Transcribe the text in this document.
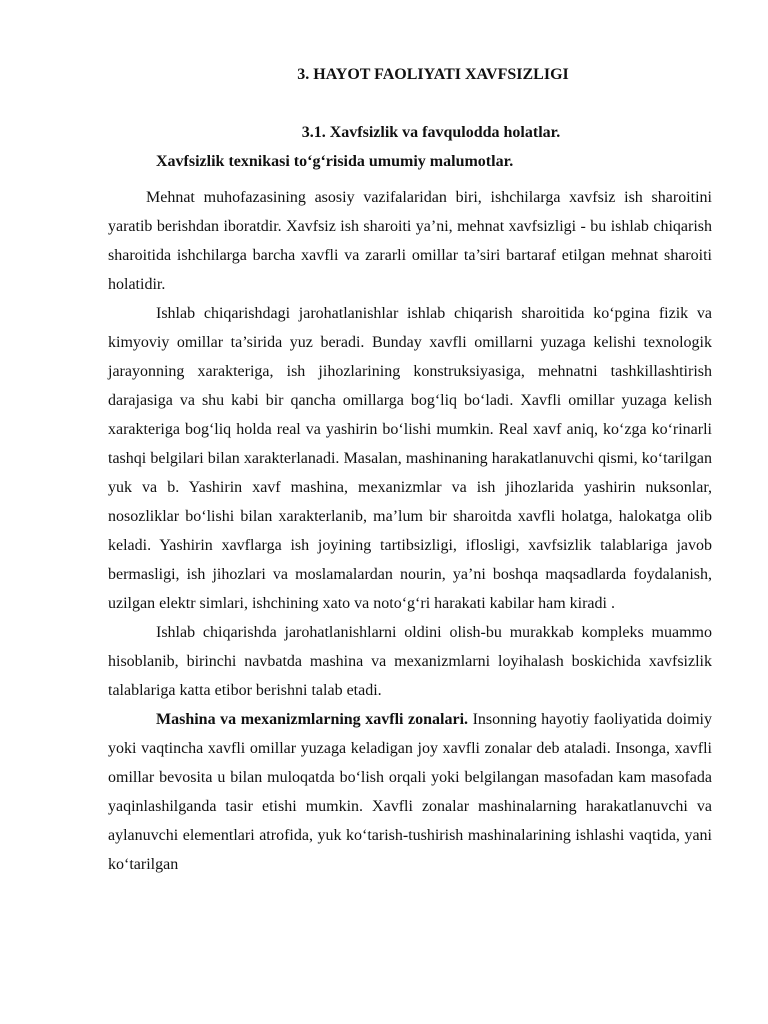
3. HAYOT FAOLIYATI XAVFSIZLIGI
3.1. Xavfsizlik va favqulodda holatlar.
Xavfsizlik texnikasi to‘g‘risida umumiy malumotlar.

Mehnat muhofazasining asosiy vazifalaridan biri, ishchilarga xavfsiz ish sharoitini yaratib berishdan iboratdir. Xavfsiz ish sharoiti ya’ni, mehnat xavfsizligi - bu ishlab chiqarish sharoitida ishchilarga barcha xavfli va zararli omillar ta’siri bartaraf etilgan mehnat sharoiti holatidir.

Ishlab chiqarishdagi jarohatlanishlar ishlab chiqarish sharoitida ko‘pgina fizik va kimyoviy omillar ta’sirida yuz beradi. Bunday xavfli omillarni yuzaga kelishi texnologik jarayonning xarakteriga, ish jihozlarining konstruksiyasiga, mehnatni tashkillashtirish darajasiga va shu kabi bir qancha omillarga bog‘liq bo‘ladi. Xavfli omillar yuzaga kelish xarakteriga bog‘liq holda real va yashirin bo‘lishi mumkin. Real xavf aniq, ko‘zga ko‘rinarli tashqi belgilari bilan xarakterlanadi. Masalan, mashinaning harakatlanuvchi qismi, ko‘tarilgan yuk va b. Yashirin xavf mashina, mexanizmlar va ish jihozlarida yashirin nuksonlar, nosozliklar bo‘lishi bilan xarakterlanib, ma’lum bir sharoitda xavfli holatga, halokatga olib keladi. Yashirin xavflarga ish joyining tartibsizligi, ifloslig‌i, xavfsizlik talablariga javob bermasligi, ish jihozlari va moslamalardan nourin, ya’ni boshqa maqsadlarda foydalanish, uzilgan elektr simlari, ishchining xato va noto‘g‘ri harakati kabilar ham kiradi .

Ishlab chiqarishda jarohatlanishlarni oldini olish-bu murakkab kompleks muammo hisoblanib, birinchi navbatda mashina va mexanizmlarni loyihalash boskichida xavfsizlik talablariga katta etibor berishni talab etadi.

Mashina va mexanizmlarning xavfli zonalari. Insonning hayotiy faoliyatida doimiy yoki vaqtincha xavfli omillar yuzaga keladigan joy xavfli zonalar deb ataladi. Insonga, xavfli omillar bevosita u bilan muloqatda bo‘lish orqali yoki belgilangan masofadan kam masofada yaqinlashilganda tasir etishi mumkin. Xavfli zonalar mashinalarning harakatlanuvchi va aylanuvchi elementlari atrofida, yuk ko‘tarish-tushirish mashinalarining ishlashi vaqtida, yani ko‘tarilgan
